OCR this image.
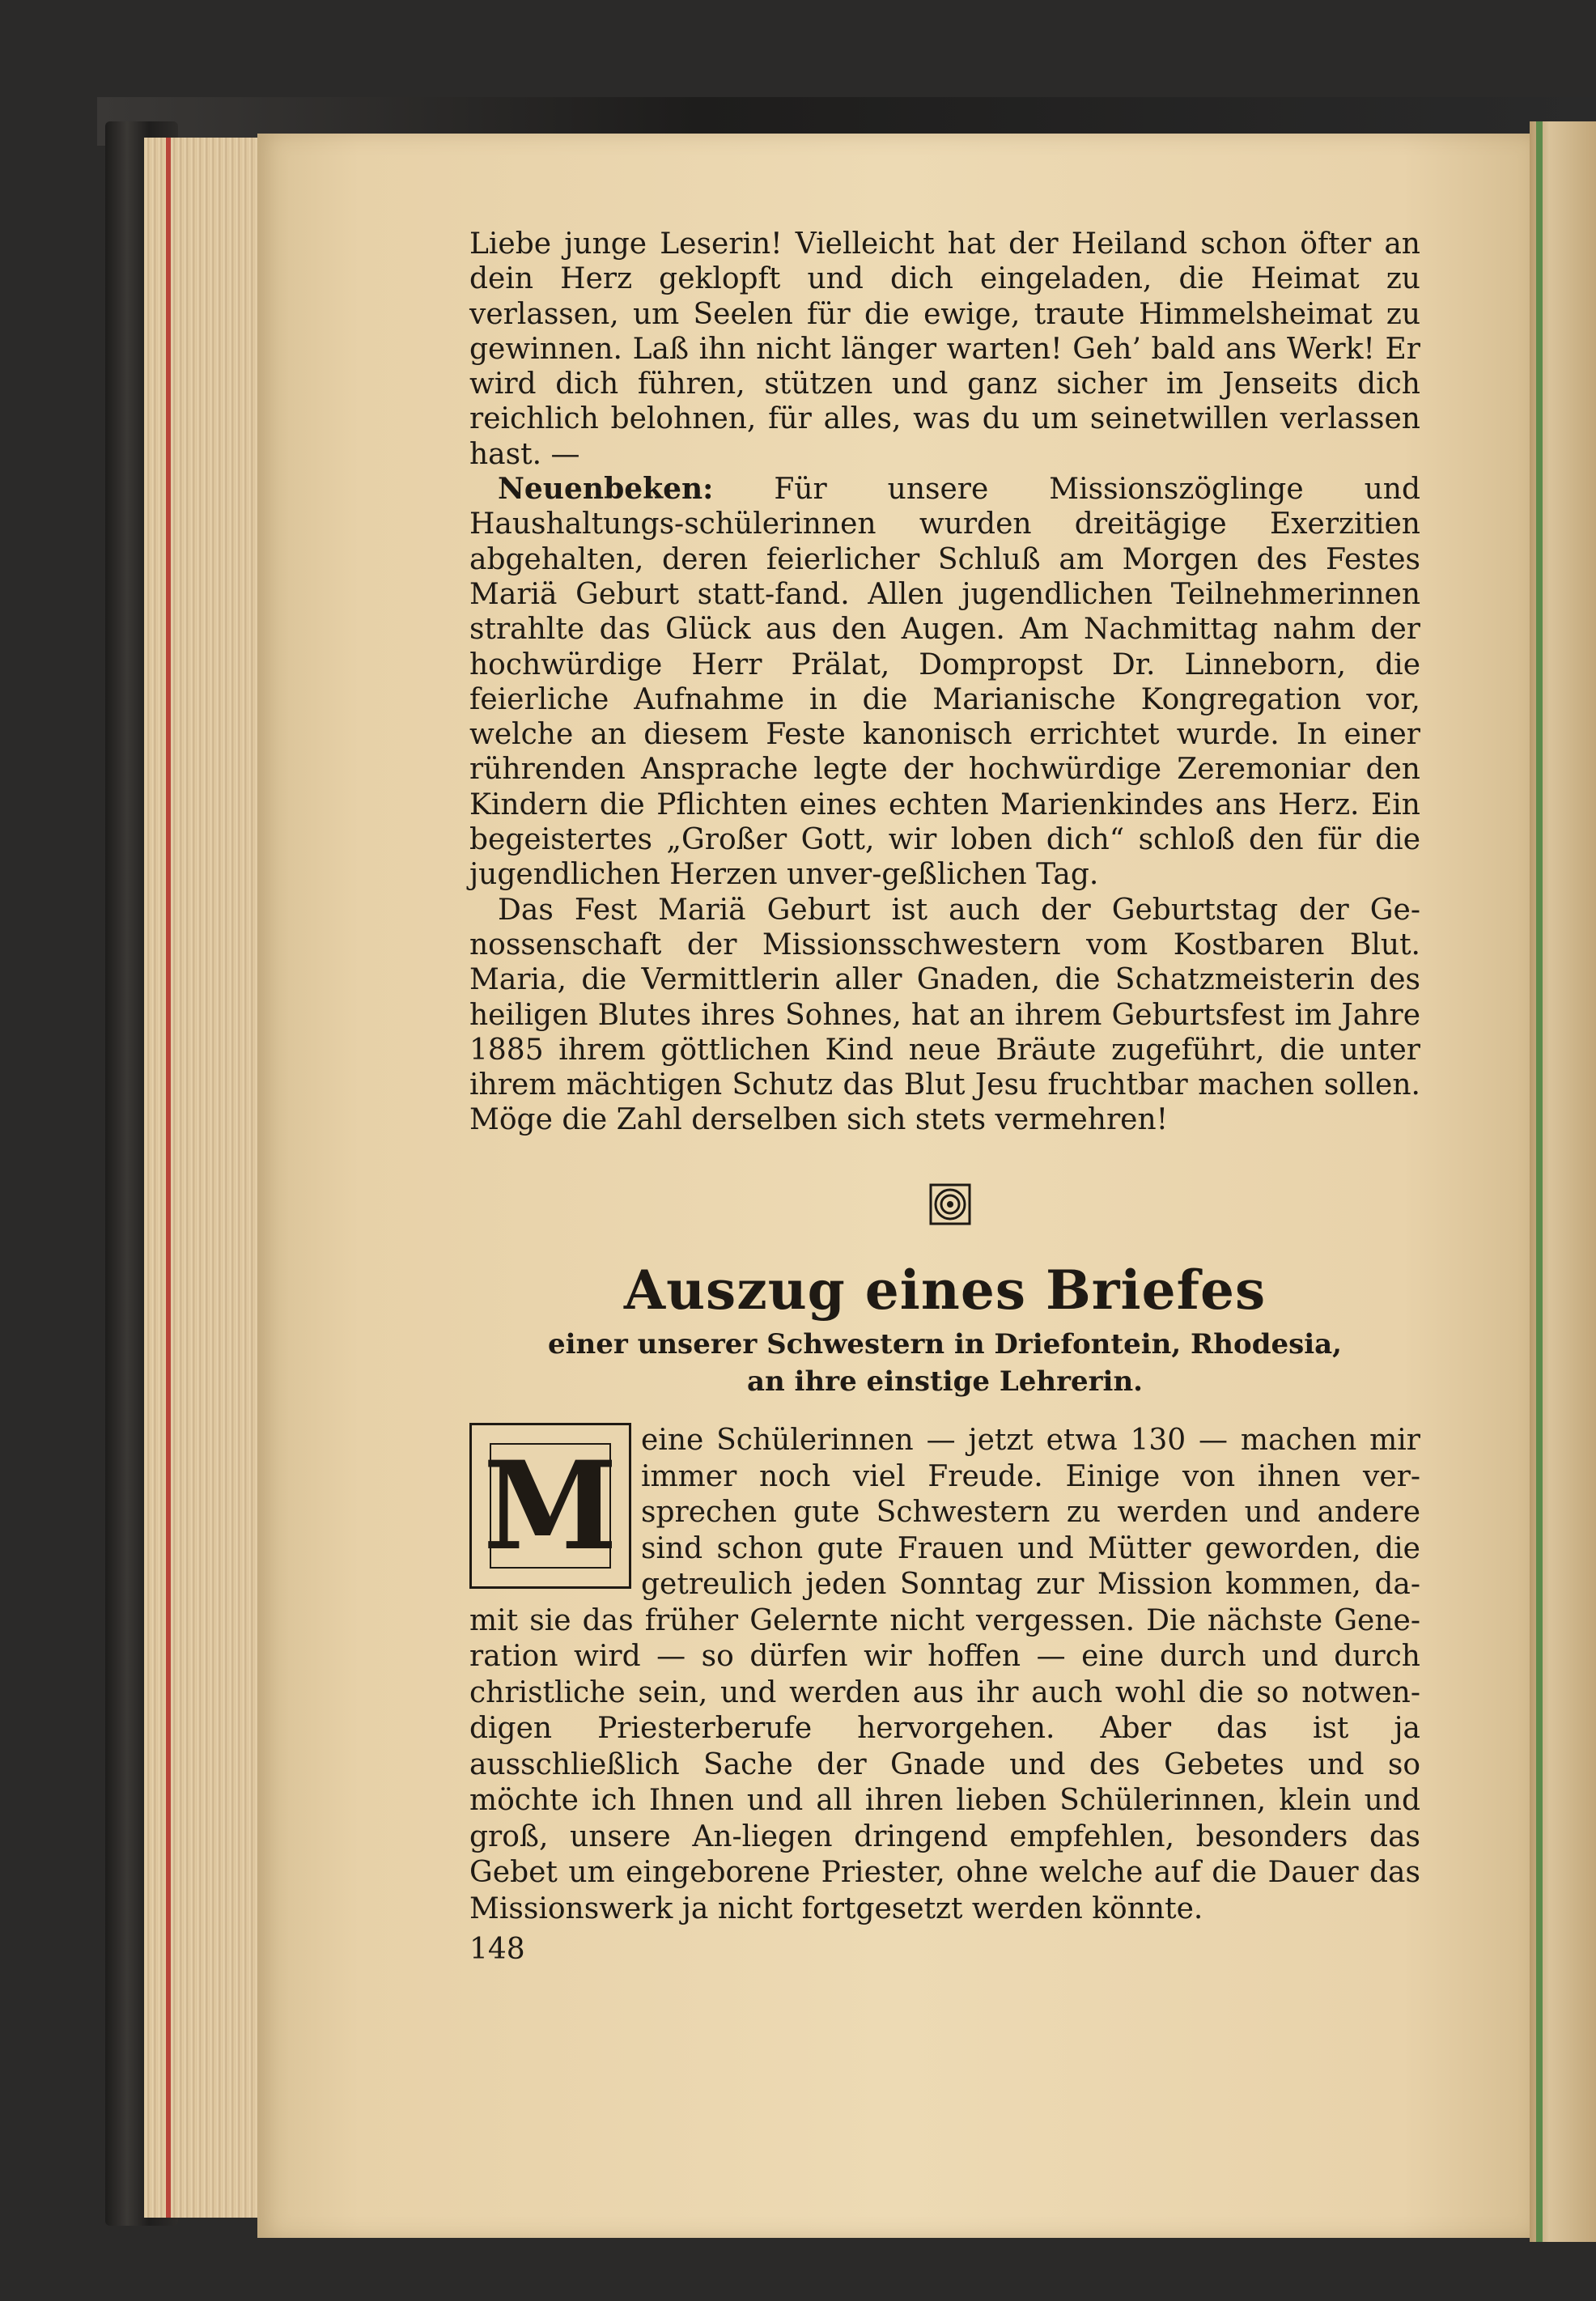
Liebe junge Leserin! Vielleicht hat der Heiland schon öfter an dein Herz geklopft und dich eingeladen, die Heimat zu verlassen, um Seelen für die ewige, traute Himmelsheimat zu gewinnen. Laß ihn nicht länger warten! Geh’ bald ans Werk! Er wird dich führen, stützen und ganz sicher im Jenseits dich reichlich belohnen, für alles, was du um seinetwillen verlassen hast. —

Neuenbeken: Für unsere Missionszöglinge und Haushaltungs-schülerinnen wurden dreitägige Exerzitien abgehalten, deren feierlicher Schluß am Morgen des Festes Mariä Geburt statt-fand. Allen jugendlichen Teilnehmerinnen strahlte das Glück aus den Augen. Am Nachmittag nahm der hochwürdige Herr Prälat, Dompropst Dr. Linneborn, die feierliche Aufnahme in die Marianische Kongregation vor, welche an diesem Feste kanonisch errichtet wurde. In einer rührenden Ansprache legte der hochwürdige Zeremoniar den Kindern die Pflichten eines echten Marienkindes ans Herz. Ein begeistertes „Großer Gott, wir loben dich“ schloß den für die jugendlichen Herzen unver-geßlichen Tag.

Das Fest Mariä Geburt ist auch der Geburtstag der Ge-nossenschaft der Missionsschwestern vom Kostbaren Blut. Maria, die Vermittlerin aller Gnaden, die Schatzmeisterin des heiligen Blutes ihres Sohnes, hat an ihrem Geburtsfest im Jahre 1885 ihrem göttlichen Kind neue Bräute zugeführt, die unter ihrem mächtigen Schutz das Blut Jesu fruchtbar machen sollen. Möge die Zahl derselben sich stets vermehren!

Auszug eines Briefes
einer unserer Schwestern in Driefontein, Rhodesia,
an ihre einstige Lehrerin.
M eine Schülerinnen — jetzt etwa 130 — machen mir immer noch viel Freude. Einige von ihnen ver-sprechen gute Schwestern zu werden und andere sind schon gute Frauen und Mütter geworden, die getreulich jeden Sonntag zur Mission kommen, da-mit sie das früher Gelernte nicht vergessen. Die nächste Gene-ration wird — so dürfen wir hoffen — eine durch und durch christliche sein, und werden aus ihr auch wohl die so notwen-digen Priesterberufe hervorgehen. Aber das ist ja ausschließlich Sache der Gnade und des Gebetes und so möchte ich Ihnen und all ihren lieben Schülerinnen, klein und groß, unsere An-liegen dringend empfehlen, besonders das Gebet um eingeborene Priester, ohne welche auf die Dauer das Missionswerk ja nicht fortgesetzt werden könnte.

148
